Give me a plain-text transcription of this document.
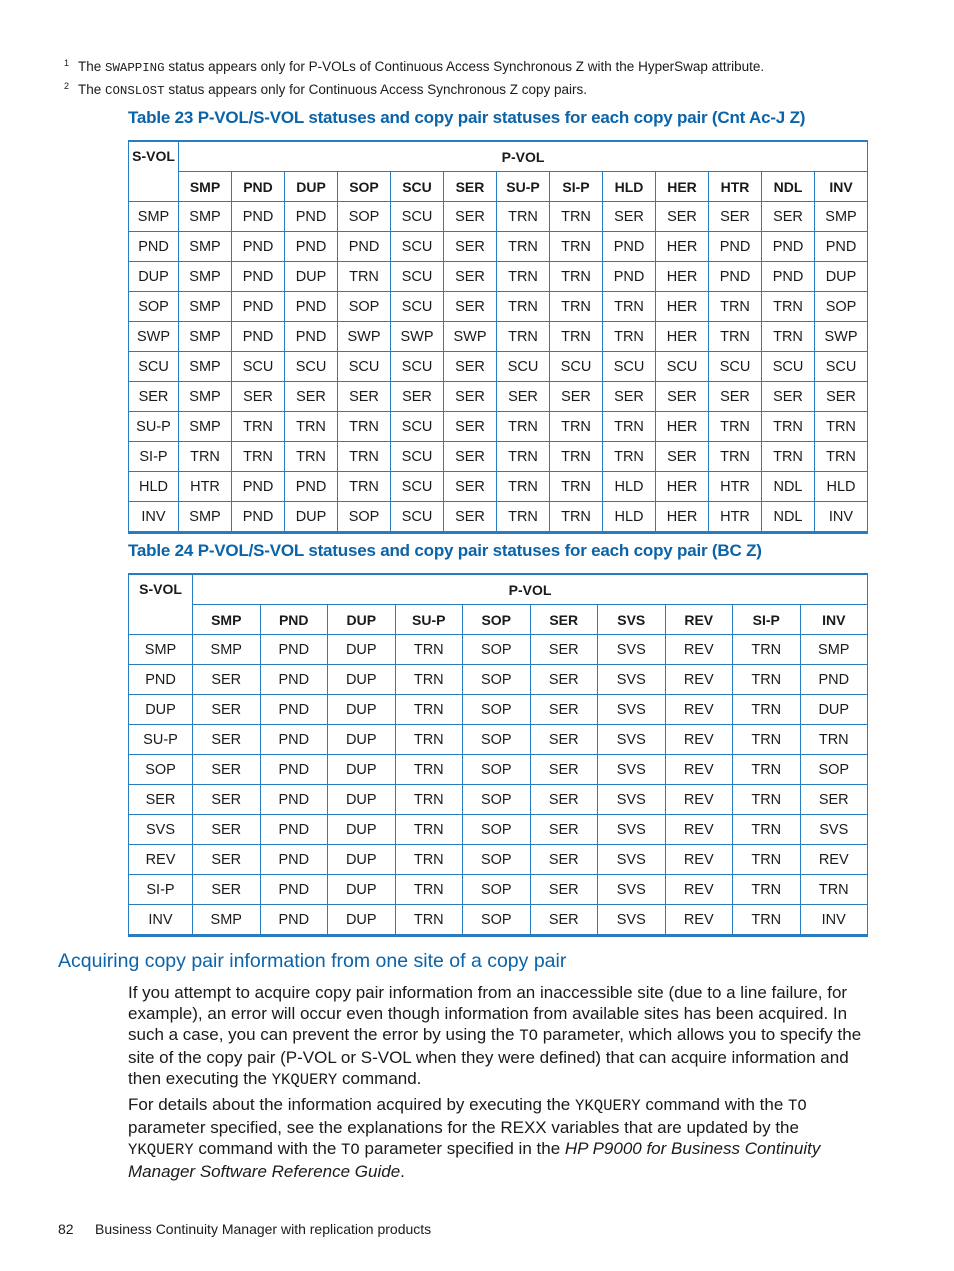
$^1$ The SWAPPING status appears only for P-VOLs of Continuous Access Synchronous Z with the HyperSwap attribute.
$^2$ The CONSLOST status appears only for Continuous Access Synchronous Z copy pairs.
Table 23 P-VOL/S-VOL statuses and copy pair statuses for each copy pair (Cnt Ac-J Z)
S-VOL	P-VOL												
	SMP	PND	DUP	SOP	SCU	SER	SU-P	SI-P	HLD	HER	HTR	NDL	INV
SMP	SMP	PND	PND	SOP	SCU	SER	TRN	TRN	SER	SER	SER	SER	SMP
PND	SMP	PND	PND	PND	SCU	SER	TRN	TRN	PND	HER	PND	PND	PND
DUP	SMP	PND	DUP	TRN	SCU	SER	TRN	TRN	PND	HER	PND	PND	DUP
SOP	SMP	PND	PND	SOP	SCU	SER	TRN	TRN	TRN	HER	TRN	TRN	SOP
SWP	SMP	PND	PND	SWP	SWP	SWP	TRN	TRN	TRN	HER	TRN	TRN	SWP
SCU	SMP	SCU	SCU	SCU	SCU	SER	SCU	SCU	SCU	SCU	SCU	SCU	SCU
SER	SMP	SER	SER	SER	SER	SER	SER	SER	SER	SER	SER	SER	SER
SU-P	SMP	TRN	TRN	TRN	SCU	SER	TRN	TRN	TRN	HER	TRN	TRN	TRN
SI-P	TRN	TRN	TRN	TRN	SCU	SER	TRN	TRN	TRN	SER	TRN	TRN	TRN
HLD	HTR	PND	PND	TRN	SCU	SER	TRN	TRN	HLD	HER	HTR	NDL	HLD
INV	SMP	PND	DUP	SOP	SCU	SER	TRN	TRN	HLD	HER	HTR	NDL	INV
Table 24 P-VOL/S-VOL statuses and copy pair statuses for each copy pair (BC Z)
S-VOL	P-VOL									
	SMP	PND	DUP	SU-P	SOP	SER	SVS	REV	SI-P	INV
SMP	SMP	PND	DUP	TRN	SOP	SER	SVS	REV	TRN	SMP
PND	SER	PND	DUP	TRN	SOP	SER	SVS	REV	TRN	PND
DUP	SER	PND	DUP	TRN	SOP	SER	SVS	REV	TRN	DUP
SU-P	SER	PND	DUP	TRN	SOP	SER	SVS	REV	TRN	TRN
SOP	SER	PND	DUP	TRN	SOP	SER	SVS	REV	TRN	SOP
SER	SER	PND	DUP	TRN	SOP	SER	SVS	REV	TRN	SER
SVS	SER	PND	DUP	TRN	SOP	SER	SVS	REV	TRN	SVS
REV	SER	PND	DUP	TRN	SOP	SER	SVS	REV	TRN	REV
SI-P	SER	PND	DUP	TRN	SOP	SER	SVS	REV	TRN	TRN
INV	SMP	PND	DUP	TRN	SOP	SER	SVS	REV	TRN	INV
Acquiring copy pair information from one site of a copy pair

If you attempt to acquire copy pair information from an inaccessible site (due to a line failure, for example), an error will occur even though information from available sites has been acquired. In such a case, you can prevent the error by using the TO parameter, which allows you to specify the site of the copy pair (P-VOL or S-VOL when they were defined) that can acquire information and then executing the YKQUERY command.

For details about the information acquired by executing the YKQUERY command with the TO parameter specified, see the explanations for the REXX variables that are updated by the YKQUERY command with the TO parameter specified in the HP P9000 for Business Continuity Manager Software Reference Guide.

82 Business Continuity Manager with replication products
